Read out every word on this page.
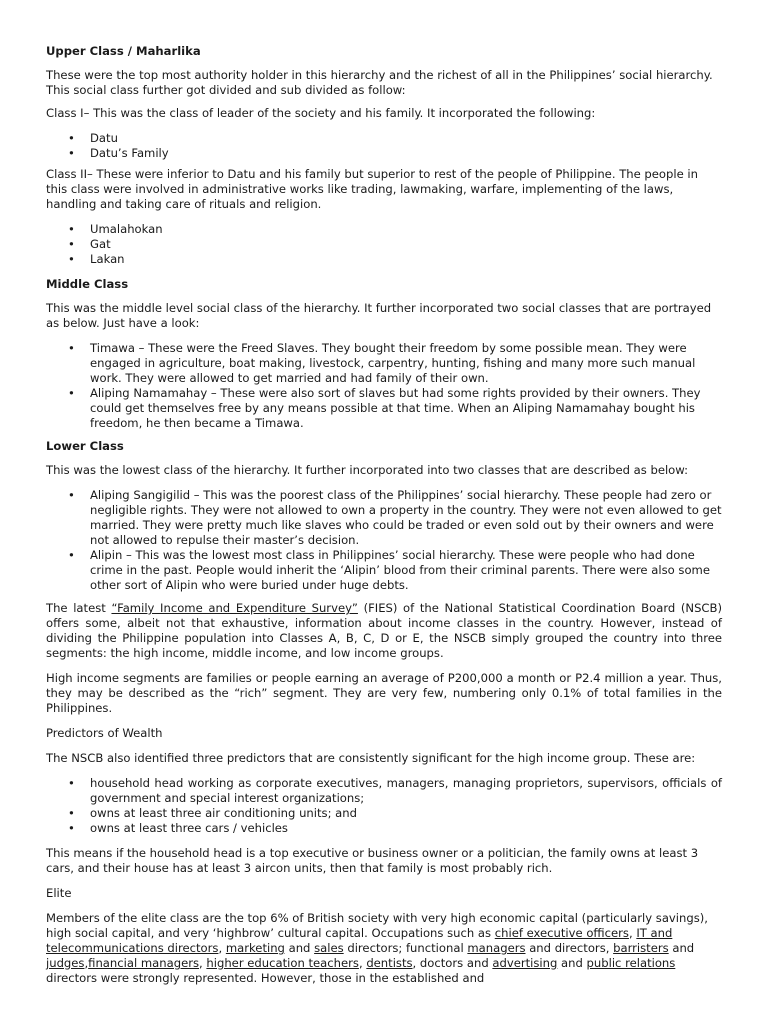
Upper Class / Maharlika

These were the top most authority holder in this hierarchy and the richest of all in the Philippines’ social hierarchy. This social class further got divided and sub divided as follow:

Class I– This was the class of leader of the society and his family. It incorporated the following:

• Datu
• Datu’s Family

Class II– These were inferior to Datu and his family but superior to rest of the people of Philippine. The people in this class were involved in administrative works like trading, lawmaking, warfare, implementing of the laws, handling and taking care of rituals and religion.

• Umalahokan
• Gat
• Lakan
Middle Class

This was the middle level social class of the hierarchy. It further incorporated two social classes that are portrayed as below. Just have a look:

• Timawa – These were the Freed Slaves. They bought their freedom by some possible mean. They were engaged in agriculture, boat making, livestock, carpentry, hunting, fishing and many more such manual work. They were allowed to get married and had family of their own.
• Aliping Namamahay – These were also sort of slaves but had some rights provided by their owners. They could get themselves free by any means possible at that time. When an Aliping Namamahay bought his freedom, he then became a Timawa.
Lower Class

This was the lowest class of the hierarchy. It further incorporated into two classes that are described as below:

• Aliping Sangigilid – This was the poorest class of the Philippines’ social hierarchy. These people had zero or negligible rights. They were not allowed to own a property in the country. They were not even allowed to get married. They were pretty much like slaves who could be traded or even sold out by their owners and were not allowed to repulse their master’s decision.
• Alipin – This was the lowest most class in Philippines’ social hierarchy. These were people who had done crime in the past. People would inherit the ‘Alipin’ blood from their criminal parents. There were also some other sort of Alipin who were buried under huge debts.

The latest “Family Income and Expenditure Survey” (FIES) of the National Statistical Coordination Board (NSCB) offers some, albeit not that exhaustive, information about income classes in the country. However, instead of dividing the Philippine population into Classes A, B, C, D or E, the NSCB simply grouped the country into three segments: the high income, middle income, and low income groups.

High income segments are families or people earning an average of P200,000 a month or P2.4 million a year. Thus, they may be described as the “rich” segment. They are very few, numbering only 0.1% of total families in the Philippines.

Predictors of Wealth

The NSCB also identified three predictors that are consistently significant for the high income group. These are:

• household head working as corporate executives, managers, managing proprietors, supervisors, officials of government and special interest organizations;
• owns at least three air conditioning units; and
• owns at least three cars / vehicles

This means if the household head is a top executive or business owner or a politician, the family owns at least 3 cars, and their house has at least 3 aircon units, then that family is most probably rich.

Elite

Members of the elite class are the top 6% of British society with very high economic capital (particularly savings), high social capital, and very ‘highbrow’ cultural capital. Occupations such as chief executive officers, IT and telecommunications directors, marketing and sales directors; functional managers and directors, barristers and judges,financial managers, higher education teachers, dentists, doctors and advertising and public relations directors were strongly represented. However, those in the established and
